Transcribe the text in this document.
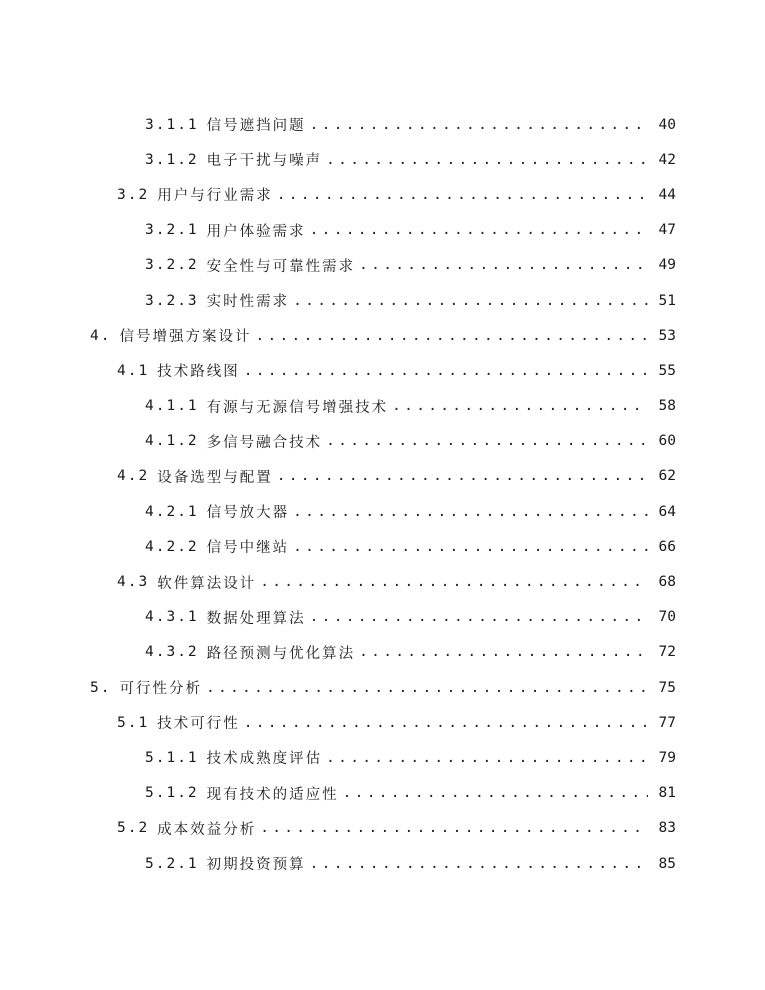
3.1.1 信号遮挡问题 .....	40
3.1.2 电子干扰与噪声 .....	42
3.2 用户与行业需求 .....	44
3.2.1 用户体验需求 .....	47
3.2.2 安全性与可靠性需求 .....	49
3.2.3 实时性需求 .....	51
4. 信号增强方案设计 .....	53
4.1 技术路线图 .....	55
4.1.1 有源与无源信号增强技术 .....	58
4.1.2 多信号融合技术 .....	60
4.2 设备选型与配置 .....	62
4.2.1 信号放大器 .....	64
4.2.2 信号中继站 .....	66
4.3 软件算法设计 .....	68
4.3.1 数据处理算法 .....	70
4.3.2 路径预测与优化算法 .....	72
5. 可行性分析 .....	75
5.1 技术可行性 .....	77
5.1.1 技术成熟度评估 .....	79
5.1.2 现有技术的适应性 .....	81
5.2 成本效益分析 .....	83
5.2.1 初期投资预算 .....	85
